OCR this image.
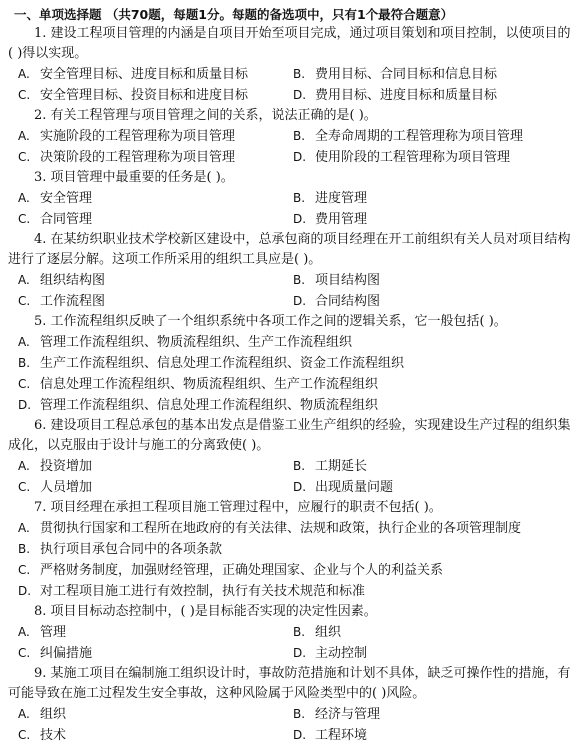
一、单项选择题 （共70题，每题1分。每题的备选项中，只有1个最符合题意）

1. 建设工程项目管理的内涵是自项目开始至项目完成，通过项目策划和项目控制，以使项目的( )得以实现。

A. 安全管理目标、进度目标和质量目标	B. 费用目标、合同目标和信息目标
C. 安全管理目标、投资目标和进度目标	D. 费用目标、进度目标和质量目标

2. 有关工程管理与项目管理之间的关系，说法正确的是( )。

A. 实施阶段的工程管理称为项目管理	B. 全寿命周期的工程管理称为项目管理
C. 决策阶段的工程管理称为项目管理	D. 使用阶段的工程管理称为项目管理

3. 项目管理中最重要的任务是( )。

A. 安全管理	B. 进度管理
C. 合同管理	D. 费用管理

4. 在某纺织职业技术学校新区建设中，总承包商的项目经理在开工前组织有关人员对项目结构进行了逐层分解。这项工作所采用的组织工具应是( )。

A. 组织结构图	B. 项目结构图
C. 工作流程图	D. 合同结构图

5. 工作流程组织反映了一个组织系统中各项工作之间的逻辑关系，它一般包括( )。

A. 管理工作流程组织、物质流程组织、生产工作流程组织
B. 生产工作流程组织、信息处理工作流程组织、资金工作流程组织
C. 信息处理工作流程组织、物质流程组织、生产工作流程组织
D. 管理工作流程组织、信息处理工作流程组织、物质流程组织

6. 建设项目工程总承包的基本出发点是借鉴工业生产组织的经验，实现建设生产过程的组织集成化，以克服由于设计与施工的分离致使( )。

A. 投资增加	B. 工期延长
C. 人员增加	D. 出现质量问题

7. 项目经理在承担工程项目施工管理过程中，应履行的职责不包括( )。

A. 贯彻执行国家和工程所在地政府的有关法律、法规和政策，执行企业的各项管理制度
B. 执行项目承包合同中的各项条款
C. 严格财务制度，加强财经管理，正确处理国家、企业与个人的利益关系
D. 对工程项目施工进行有效控制，执行有关技术规范和标准

8. 项目目标动态控制中，( )是目标能否实现的决定性因素。

A. 管理	B. 组织
C. 纠偏措施	D. 主动控制

9. 某施工项目在编制施工组织设计时，事故防范措施和计划不具体，缺乏可操作性的措施，有可能导致在施工过程发生安全事故，这种风险属于风险类型中的( )风险。

A. 组织	B. 经济与管理
C. 技术	D. 工程环境
